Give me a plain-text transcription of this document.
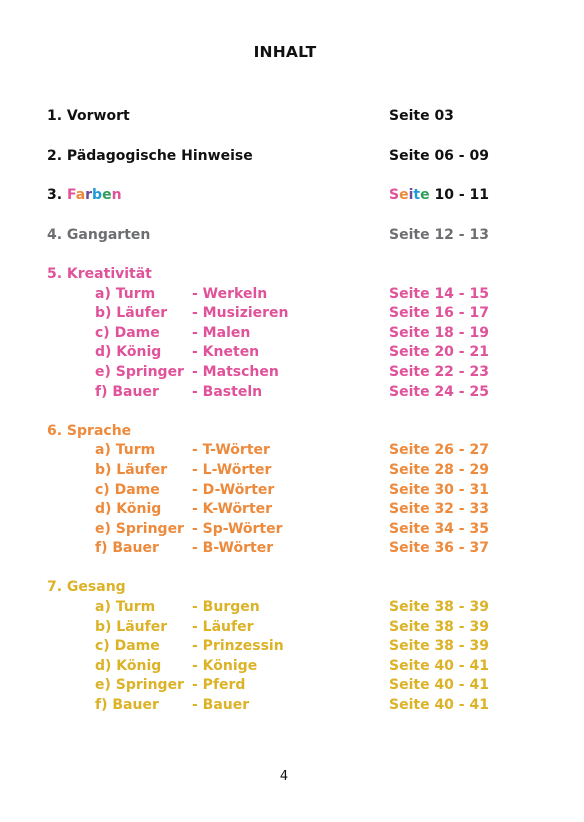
INHALT
1. Vorwort	Seite 03
2. Pädagogische Hinweise	Seite 06 - 09
3. Farben	Seite 10 - 11
4. Gangarten	Seite 12 - 13
5. Kreativität
a) Turm	- Werkeln	Seite 14 - 15
b) Läufer - Musizieren	Seite 16 - 17
c) Dame - Malen	Seite 18 - 19
d) König - Kneten	Seite 20 - 21
e) Springer - Matschen	Seite 22 - 23
f) Bauer - Basteln	Seite 24 - 25
6. Sprache
a) Turm	- T-Wörter	Seite 26 - 27
b) Läufer - L-Wörter	Seite 28 - 29
c) Dame - D-Wörter	Seite 30 - 31
d) König - K-Wörter	Seite 32 - 33
e) Springer - Sp-Wörter	Seite 34 - 35
f) Bauer - B-Wörter	Seite 36 - 37
7. Gesang
a) Turm	- Burgen	Seite 38 - 39
b) Läufer - Läufer	Seite 38 - 39
c) Dame - Prinzessin	Seite 38 - 39
d) König - Könige	Seite 40 - 41
e) Springer - Pferd	Seite 40 - 41
f) Bauer - Bauer	Seite 40 - 41
4
